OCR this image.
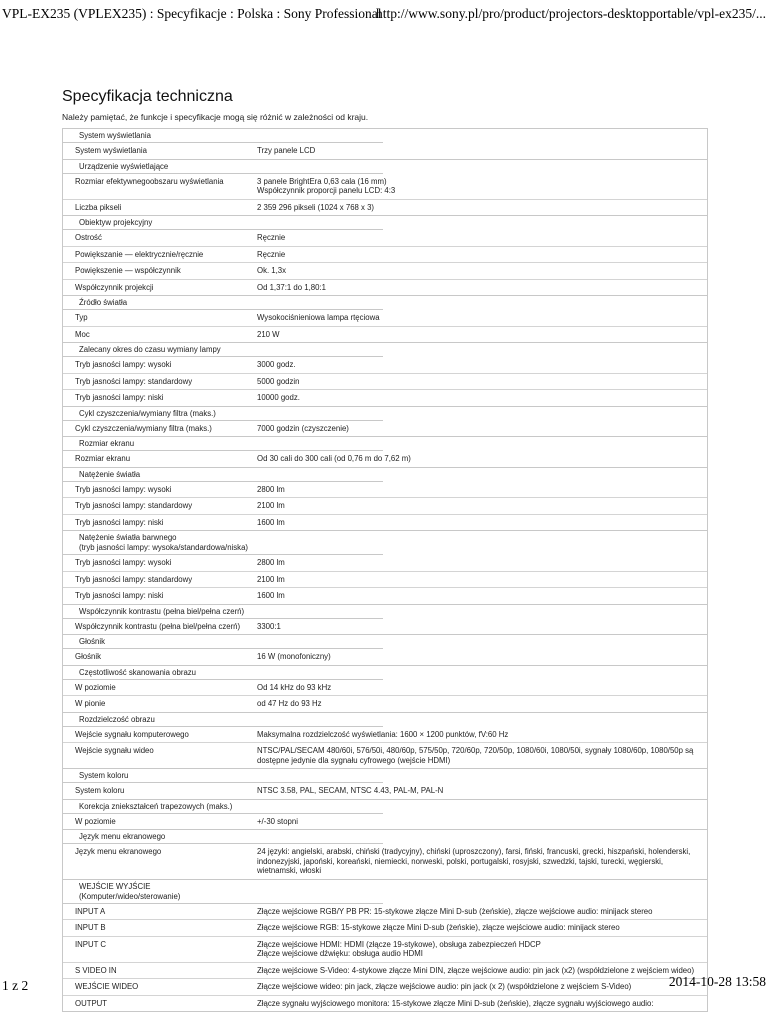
VPL-EX235 (VPLEX235) : Specyfikacje : Polska : Sony Professional
http://www.sony.pl/pro/product/projectors-desktopportable/vpl-ex235/...
Specyfikacja techniczna
Należy pamiętać, że funkcje i specyfikacje mogą się różnić w zależności od kraju.
System wyświetlania
System wyświetlania	Trzy panele LCD
Urządzenie wyświetlające
Rozmiar efektywnegoobszaru wyświetlania	3 panele BrightEra 0,63 cala (16 mm)
Współczynnik proporcji panelu LCD: 4:3
Liczba pikseli	2 359 296 pikseli (1024 x 768 x 3)
Obiektyw projekcyjny
Ostrość	Ręcznie
Powiększanie — elektrycznie/ręcznie	Ręcznie
Powiększenie — współczynnik	Ok. 1,3x
Współczynnik projekcji	Od 1,37:1 do 1,80:1
Źródło światła
Typ	Wysokociśnieniowa lampa rtęciowa
Moc	210 W
Zalecany okres do czasu wymiany lampy
Tryb jasności lampy: wysoki	3000 godz.
Tryb jasności lampy: standardowy	5000 godzin
Tryb jasności lampy: niski	10000 godz.
Cykl czyszczenia/wymiany filtra (maks.)
Cykl czyszczenia/wymiany filtra (maks.)	7000 godzin (czyszczenie)
Rozmiar ekranu
Rozmiar ekranu	Od 30 cali do 300 cali (od 0,76 m do 7,62 m)
Natężenie światła
Tryb jasności lampy: wysoki	2800 lm
Tryb jasności lampy: standardowy	2100 lm
Tryb jasności lampy: niski	1600 lm
Natężenie światła barwnego
(tryb jasności lampy: wysoka/standardowa/niska)
Tryb jasności lampy: wysoki	2800 lm
Tryb jasności lampy: standardowy	2100 lm
Tryb jasności lampy: niski	1600 lm
Współczynnik kontrastu (pełna biel/pełna czerń)
Współczynnik kontrastu (pełna biel/pełna czerń)	3300:1
Głośnik
Głośnik	16 W (monofoniczny)
Częstotliwość skanowania obrazu
W poziomie	Od 14 kHz do 93 kHz
W pionie	od 47 Hz do 93 Hz
Rozdzielczość obrazu
Wejście sygnału komputerowego	Maksymalna rozdzielczość wyświetlania: 1600 × 1200 punktów, fV:60 Hz
Wejście sygnału wideo	NTSC/PAL/SECAM 480/60i, 576/50i, 480/60p, 575/50p, 720/60p, 720/50p, 1080/60i, 1080/50i, sygnały 1080/60p, 1080/50p są dostępne jedynie dla sygnału cyfrowego (wejście HDMI)
System koloru
System koloru	NTSC 3.58, PAL, SECAM, NTSC 4.43, PAL-M, PAL-N
Korekcja zniekształceń trapezowych (maks.)
W poziomie	+/-30 stopni
Język menu ekranowego
Język menu ekranowego	24 języki: angielski, arabski, chiński (tradycyjny), chiński (uproszczony), farsi, fiński, francuski, grecki, hiszpański, holenderski, indonezyjski, japoński, koreański, niemiecki, norweski, polski, portugalski, rosyjski, szwedzki, tajski, turecki, węgierski, wietnamski, włoski
WEJŚCIE WYJŚCIE
(Komputer/wideo/sterowanie)
INPUT A	Złącze wejściowe RGB/Y PB PR: 15-stykowe złącze Mini D-sub (żeńskie), złącze wejściowe audio: minijack stereo
INPUT B	Złącze wejściowe RGB: 15-stykowe złącze Mini D-sub (żeńskie), złącze wejściowe audio: minijack stereo
INPUT C	Złącze wejściowe HDMI: HDMI (złącze 19-stykowe), obsługa zabezpieczeń HDCP
Złącze wejściowe dźwięku: obsługa audio HDMI
S VIDEO IN	Złącze wejściowe S-Video: 4-stykowe złącze Mini DIN, złącze wejściowe audio: pin jack (x2) (współdzielone z wejściem wideo)
WEJŚCIE WIDEO	Złącze wejściowe wideo: pin jack, złącze wejściowe audio: pin jack (x 2) (współdzielone z wejściem S-Video)
OUTPUT	Złącze sygnału wyjściowego monitora: 15-stykowe złącze Mini D-sub (żeńskie), złącze sygnału wyjściowego audio:
1 z 2	2014-10-28 13:58
